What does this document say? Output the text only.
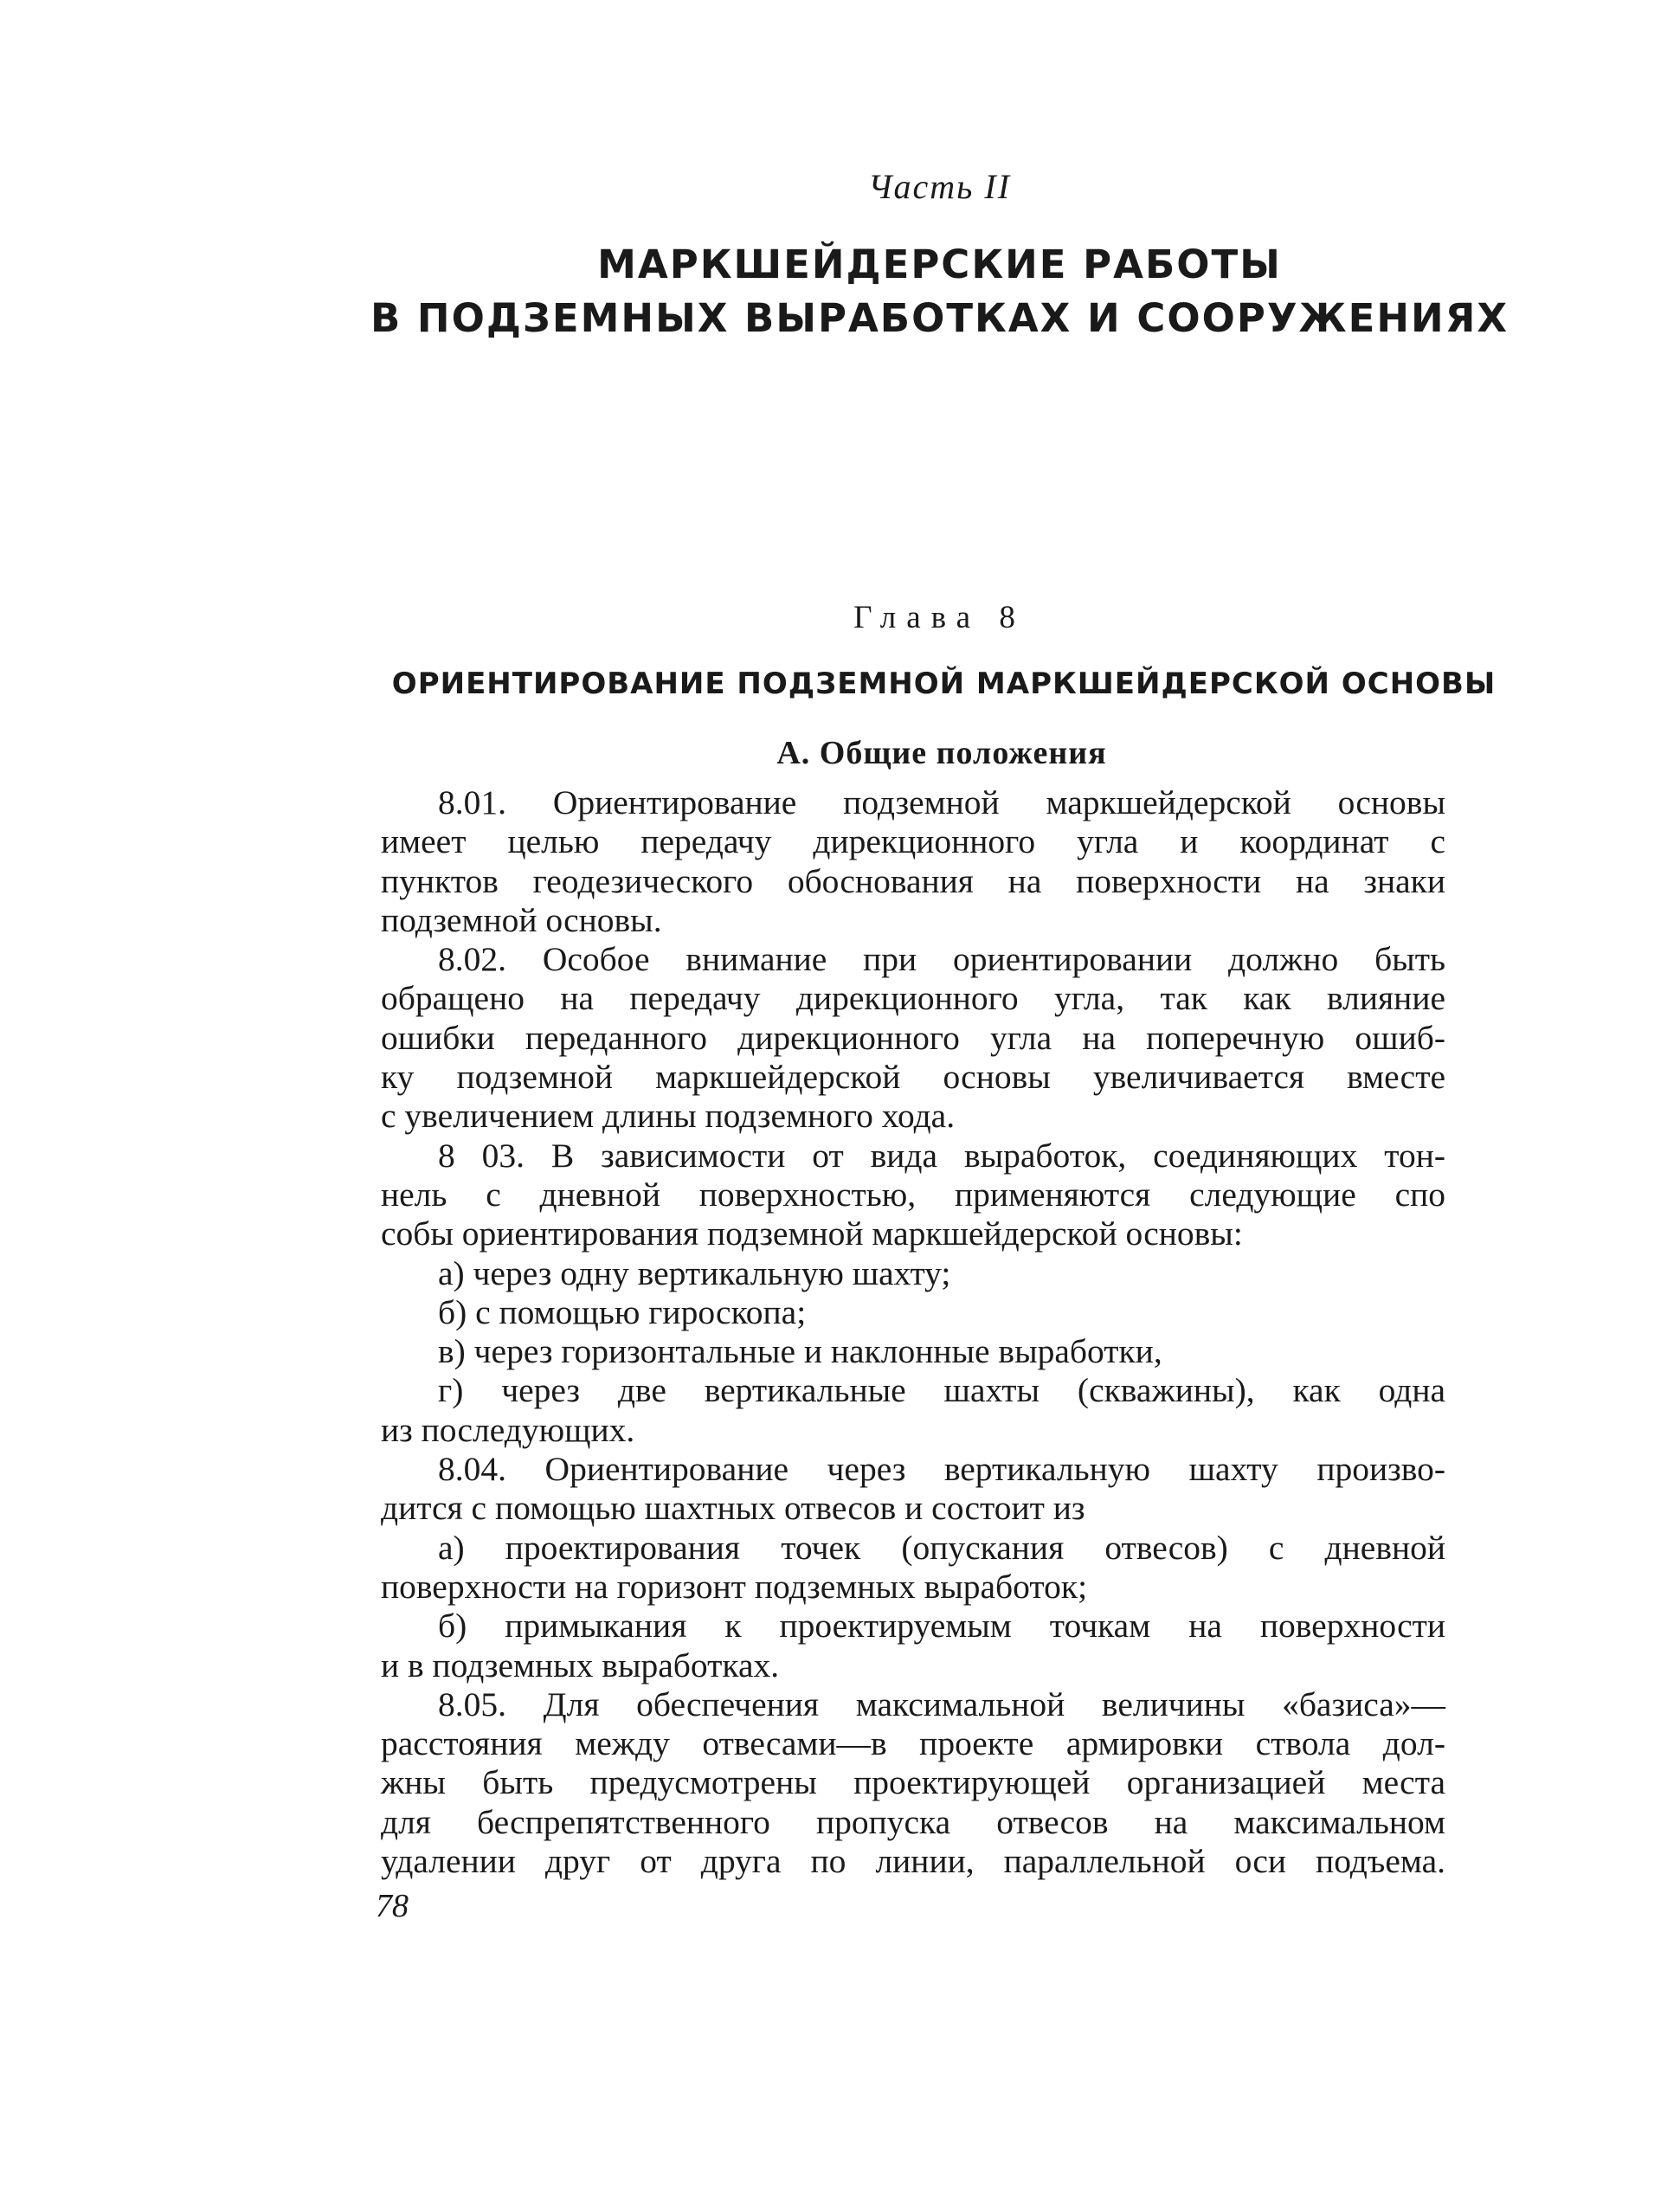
Часть II
МАРКШЕЙДЕРСКИЕ РАБОТЫ
В ПОДЗЕМНЫХ ВЫРАБОТКАХ И СООРУЖЕНИЯХ
Глава 8
ОРИЕНТИРОВАНИЕ ПОДЗЕМНОЙ МАРКШЕЙДЕРСКОЙ ОСНОВЫ
А. Общие положения
8.01. Ориентирование подземной маркшейдерской основы
имеет целью передачу дирекционного угла и координат с
пунктов геодезического обоснования на поверхности на знаки
подземной основы.
8.02. Особое внимание при ориентировании должно быть
обращено на передачу дирекционного угла, так как влияние
ошибки переданного дирекционного угла на поперечную ошиб-
ку подземной маркшейдерской основы увеличивается вместе
с увеличением длины подземного хода.
8 03. В зависимости от вида выработок, соединяющих тон-
нель с дневной поверхностью, применяются следующие спо
собы ориентирования подземной маркшейдерской основы:
а) через одну вертикальную шахту;
б) с помощью гироскопа;
в) через горизонтальные и наклонные выработки,
г) через две вертикальные шахты (скважины), как одна
из последующих.
8.04. Ориентирование через вертикальную шахту произво-
дится с помощью шахтных отвесов и состоит из
а) проектирования точек (опускания отвесов) с дневной
поверхности на горизонт подземных выработок;
б) примыкания к проектируемым точкам на поверхности
и в подземных выработках.
8.05. Для обеспечения максимальной величины «базиса»—
расстояния между отвесами—в проекте армировки ствола дол-
жны быть предусмотрены проектирующей организацией места
для беспрепятственного пропуска отвесов на максимальном
удалении друг от друга по линии, параллельной оси подъема.
78
